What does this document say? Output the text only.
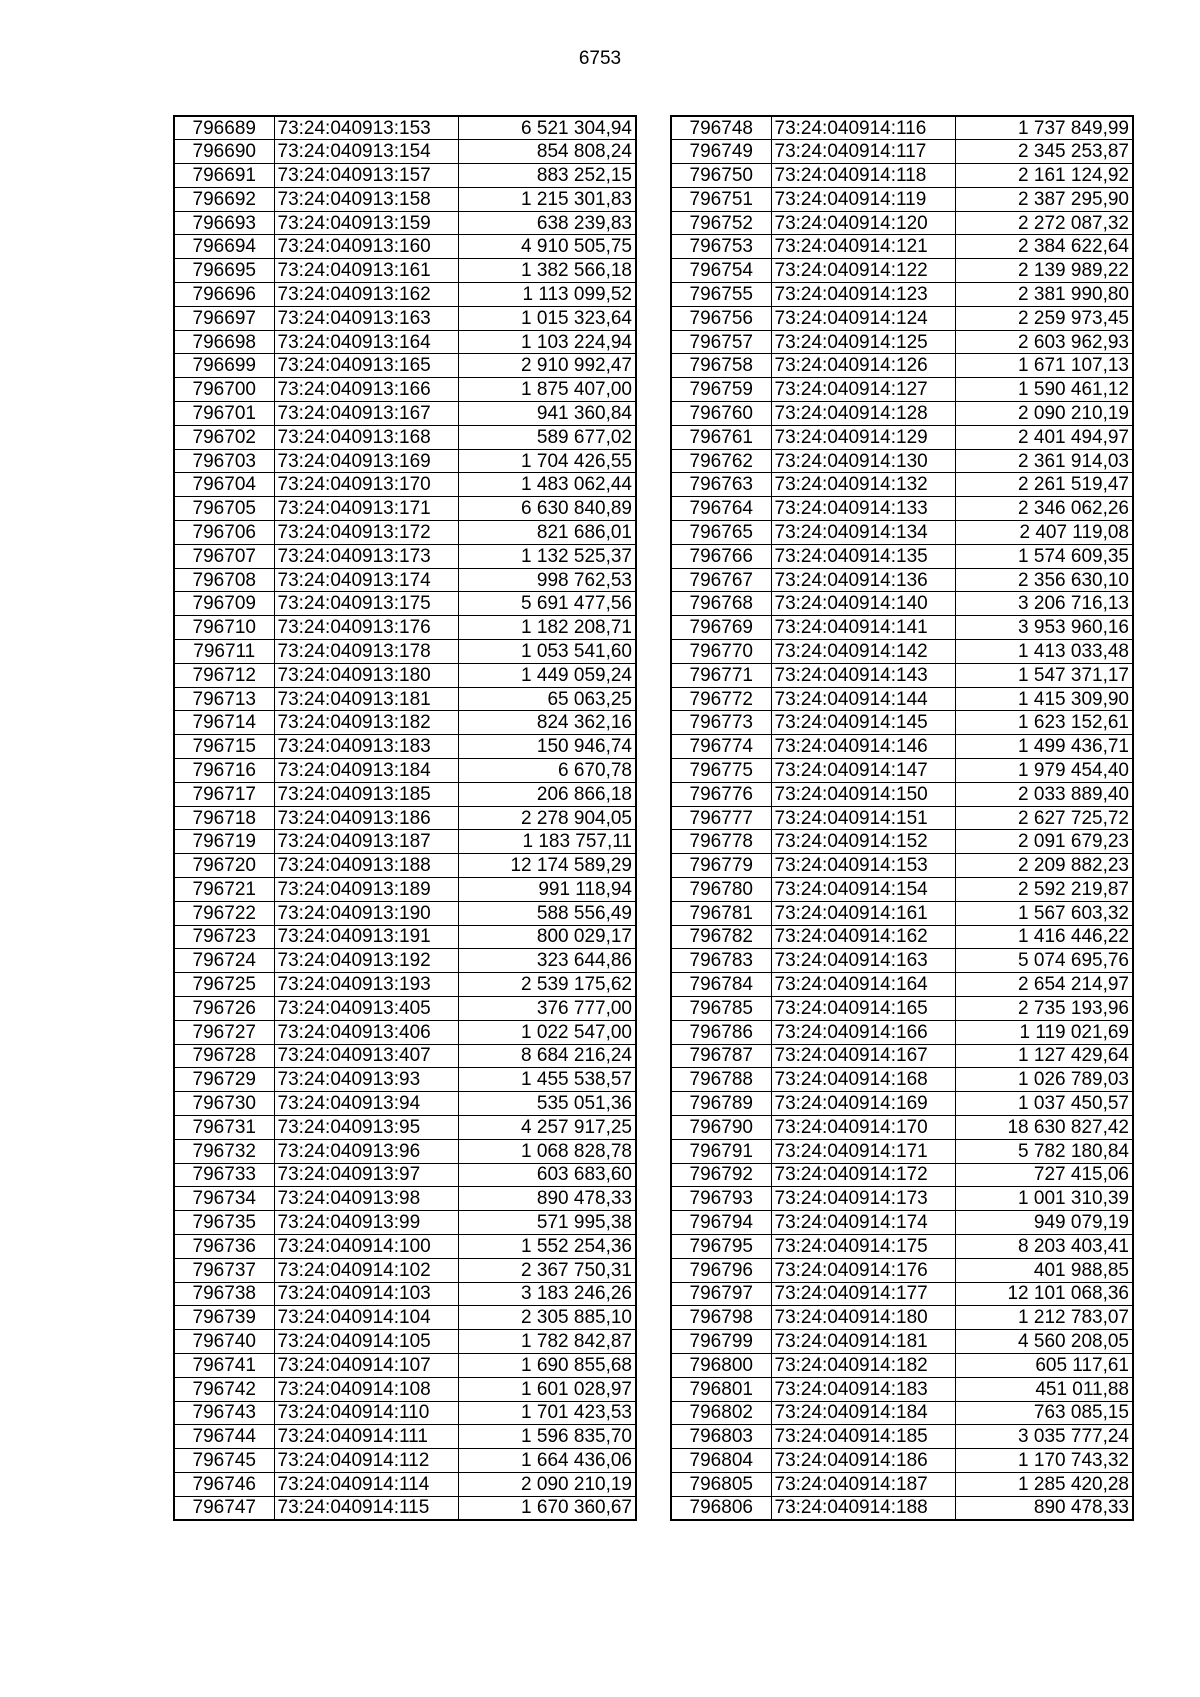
6753
796689	73:24:040913:153	6 521 304,94
796690	73:24:040913:154	854 808,24
796691	73:24:040913:157	883 252,15
796692	73:24:040913:158	1 215 301,83
796693	73:24:040913:159	638 239,83
796694	73:24:040913:160	4 910 505,75
796695	73:24:040913:161	1 382 566,18
796696	73:24:040913:162	1 113 099,52
796697	73:24:040913:163	1 015 323,64
796698	73:24:040913:164	1 103 224,94
796699	73:24:040913:165	2 910 992,47
796700	73:24:040913:166	1 875 407,00
796701	73:24:040913:167	941 360,84
796702	73:24:040913:168	589 677,02
796703	73:24:040913:169	1 704 426,55
796704	73:24:040913:170	1 483 062,44
796705	73:24:040913:171	6 630 840,89
796706	73:24:040913:172	821 686,01
796707	73:24:040913:173	1 132 525,37
796708	73:24:040913:174	998 762,53
796709	73:24:040913:175	5 691 477,56
796710	73:24:040913:176	1 182 208,71
796711	73:24:040913:178	1 053 541,60
796712	73:24:040913:180	1 449 059,24
796713	73:24:040913:181	65 063,25
796714	73:24:040913:182	824 362,16
796715	73:24:040913:183	150 946,74
796716	73:24:040913:184	6 670,78
796717	73:24:040913:185	206 866,18
796718	73:24:040913:186	2 278 904,05
796719	73:24:040913:187	1 183 757,11
796720	73:24:040913:188	12 174 589,29
796721	73:24:040913:189	991 118,94
796722	73:24:040913:190	588 556,49
796723	73:24:040913:191	800 029,17
796724	73:24:040913:192	323 644,86
796725	73:24:040913:193	2 539 175,62
796726	73:24:040913:405	376 777,00
796727	73:24:040913:406	1 022 547,00
796728	73:24:040913:407	8 684 216,24
796729	73:24:040913:93	1 455 538,57
796730	73:24:040913:94	535 051,36
796731	73:24:040913:95	4 257 917,25
796732	73:24:040913:96	1 068 828,78
796733	73:24:040913:97	603 683,60
796734	73:24:040913:98	890 478,33
796735	73:24:040913:99	571 995,38
796736	73:24:040914:100	1 552 254,36
796737	73:24:040914:102	2 367 750,31
796738	73:24:040914:103	3 183 246,26
796739	73:24:040914:104	2 305 885,10
796740	73:24:040914:105	1 782 842,87
796741	73:24:040914:107	1 690 855,68
796742	73:24:040914:108	1 601 028,97
796743	73:24:040914:110	1 701 423,53
796744	73:24:040914:111	1 596 835,70
796745	73:24:040914:112	1 664 436,06
796746	73:24:040914:114	2 090 210,19
796747	73:24:040914:115	1 670 360,67
796748	73:24:040914:116	1 737 849,99
796749	73:24:040914:117	2 345 253,87
796750	73:24:040914:118	2 161 124,92
796751	73:24:040914:119	2 387 295,90
796752	73:24:040914:120	2 272 087,32
796753	73:24:040914:121	2 384 622,64
796754	73:24:040914:122	2 139 989,22
796755	73:24:040914:123	2 381 990,80
796756	73:24:040914:124	2 259 973,45
796757	73:24:040914:125	2 603 962,93
796758	73:24:040914:126	1 671 107,13
796759	73:24:040914:127	1 590 461,12
796760	73:24:040914:128	2 090 210,19
796761	73:24:040914:129	2 401 494,97
796762	73:24:040914:130	2 361 914,03
796763	73:24:040914:132	2 261 519,47
796764	73:24:040914:133	2 346 062,26
796765	73:24:040914:134	2 407 119,08
796766	73:24:040914:135	1 574 609,35
796767	73:24:040914:136	2 356 630,10
796768	73:24:040914:140	3 206 716,13
796769	73:24:040914:141	3 953 960,16
796770	73:24:040914:142	1 413 033,48
796771	73:24:040914:143	1 547 371,17
796772	73:24:040914:144	1 415 309,90
796773	73:24:040914:145	1 623 152,61
796774	73:24:040914:146	1 499 436,71
796775	73:24:040914:147	1 979 454,40
796776	73:24:040914:150	2 033 889,40
796777	73:24:040914:151	2 627 725,72
796778	73:24:040914:152	2 091 679,23
796779	73:24:040914:153	2 209 882,23
796780	73:24:040914:154	2 592 219,87
796781	73:24:040914:161	1 567 603,32
796782	73:24:040914:162	1 416 446,22
796783	73:24:040914:163	5 074 695,76
796784	73:24:040914:164	2 654 214,97
796785	73:24:040914:165	2 735 193,96
796786	73:24:040914:166	1 119 021,69
796787	73:24:040914:167	1 127 429,64
796788	73:24:040914:168	1 026 789,03
796789	73:24:040914:169	1 037 450,57
796790	73:24:040914:170	18 630 827,42
796791	73:24:040914:171	5 782 180,84
796792	73:24:040914:172	727 415,06
796793	73:24:040914:173	1 001 310,39
796794	73:24:040914:174	949 079,19
796795	73:24:040914:175	8 203 403,41
796796	73:24:040914:176	401 988,85
796797	73:24:040914:177	12 101 068,36
796798	73:24:040914:180	1 212 783,07
796799	73:24:040914:181	4 560 208,05
796800	73:24:040914:182	605 117,61
796801	73:24:040914:183	451 011,88
796802	73:24:040914:184	763 085,15
796803	73:24:040914:185	3 035 777,24
796804	73:24:040914:186	1 170 743,32
796805	73:24:040914:187	1 285 420,28
796806	73:24:040914:188	890 478,33
